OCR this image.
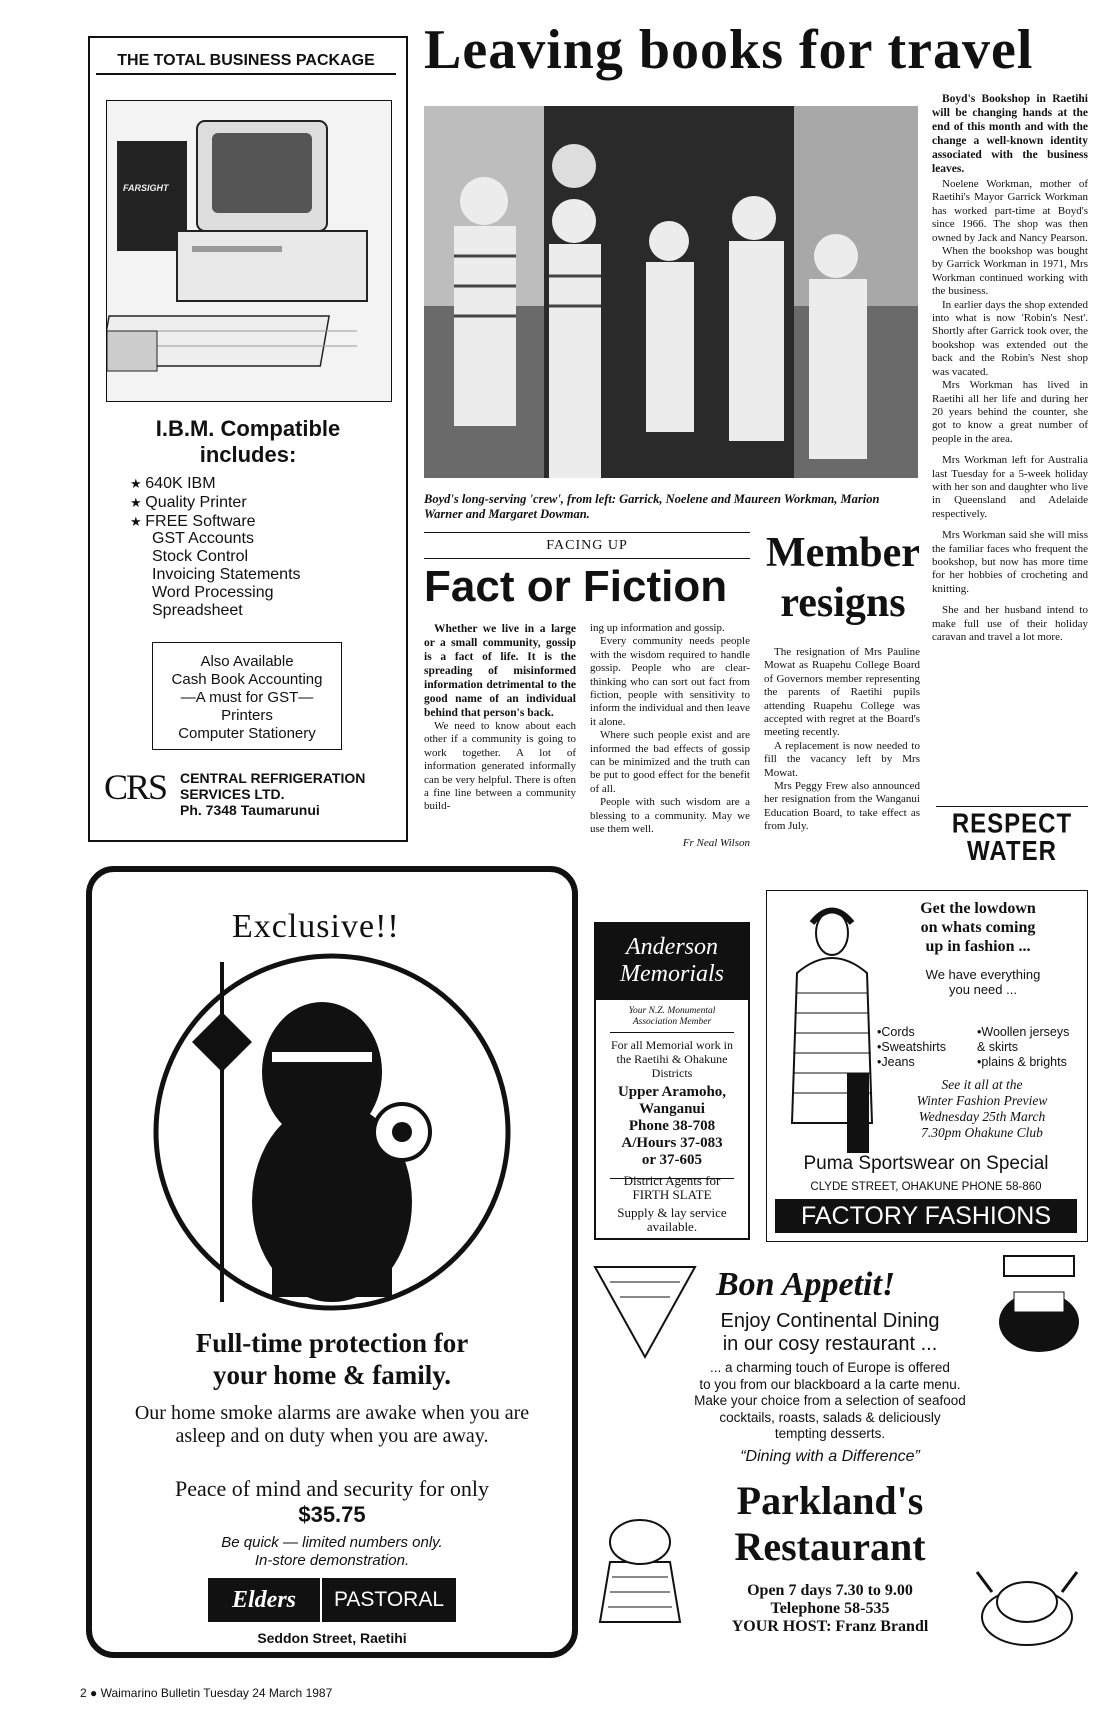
THE TOTAL BUSINESS PACKAGE
FARSIGHT
I.B.M. Compatible
includes:
★ 640K IBM
★ Quality Printer
★ FREE Software
GST Accounts
Stock Control
Invoicing Statements
Word Processing
Spreadsheet
Also Available
Cash Book Accounting
—A must for GST—
Printers
Computer Stationery
CRS CENTRAL REFRIGERATION
SERVICES LTD.
Ph. 7348 Taumarunui
Leaving books for travel
Boyd's long-serving 'crew', from left: Garrick, Noelene and Maureen Workman, Marion Warner and Margaret Dowman.
Boyd's Bookshop in Raetihi will be changing hands at the end of this month and with the change a well-known identity associated with the business leaves.

Noelene Workman, mother of Raetihi's Mayor Garrick Workman has worked part-time at Boyd's since 1966. The shop was then owned by Jack and Nancy Pearson.

When the bookshop was bought by Garrick Workman in 1971, Mrs Workman continued working with the business.

In earlier days the shop extended into what is now 'Robin's Nest'. Shortly after Garrick took over, the bookshop was extended out the back and the Robin's Nest shop was vacated.

Mrs Workman has lived in Raetihi all her life and during her 20 years behind the counter, she got to know a great number of people in the area.

Mrs Workman left for Australia last Tuesday for a 5-week holiday with her son and daughter who live in Queensland and Adelaide respectively.

Mrs Workman said she will miss the familiar faces who frequent the bookshop, but now has more time for her hobbies of crocheting and knitting.

She and her husband intend to make full use of their holiday caravan and travel a lot more.

FACING UP
Fact or Fiction
Whether we live in a large or a small community, gossip is a fact of life. It is the spreading of misinformed information detrimental to the good name of an individual behind that person's back.

We need to know about each other if a community is going to work together. A lot of information generated informally can be very helpful. There is often a fine line between a community build-

ing up information and gossip.

Every community needs people with the wisdom required to handle gossip. People who are clear-thinking who can sort out fact from fiction, people with sensitivity to inform the individual and then leave it alone.

Where such people exist and are informed the bad effects of gossip can be minimized and the truth can be put to good effect for the benefit of all.

People with such wisdom are a blessing to a community. May we use them well.

Fr Neal Wilson
Member
resigns

The resignation of Mrs Pauline Mowat as Ruapehu College Board of Governors member representing the parents of Raetihi pupils attending Ruapehu College was accepted with regret at the Board's meeting recently.

A replacement is now needed to fill the vacancy left by Mrs Mowat.

Mrs Peggy Frew also announced her resignation from the Wanganui Education Board, to take effect as from July.	RESPECT
WATER
Exclusive!!
Full-time protection for
your home & family.
Our home smoke alarms are awake when you are asleep and on duty when you are away.
Peace of mind and security for only
$35.75
Be quick — limited numbers only.
In-store demonstration.
Elders	PASTORAL
Seddon Street, Raetihi
Anderson
Memorials
Your N.Z. Monumental
Association Member
For all Memorial work in the Raetihi & Ohakune Districts
Upper Aramoho, Wanganui
Phone 38-708
A/Hours 37-083
or 37-605
District Agents for FIRTH SLATE
Supply & lay service available.
Get the lowdown
on whats coming
up in fashion ...
We have everything
you need ...
•Cords	•Woollen jerseys
•Sweatshirts	& skirts
•Jeans	•plains & brights
See it all at the
Winter Fashion Preview
Wednesday 25th March
7.30pm Ohakune Club
Puma Sportswear on Special
CLYDE STREET, OHAKUNE PHONE 58-860
FACTORY FASHIONS
Bon Appetit!
Enjoy Continental Dining
in our cosy restaurant ...
... a charming touch of Europe is offered
to you from our blackboard a la carte menu.
Make your choice from a selection of seafood
cocktails, roasts, salads & deliciously
tempting desserts.
“Dining with a Difference”
Parkland's
Restaurant
Open 7 days 7.30 to 9.00
Telephone 58-535
YOUR HOST: Franz Brandl
2 ● Waimarino Bulletin Tuesday 24 March 1987
